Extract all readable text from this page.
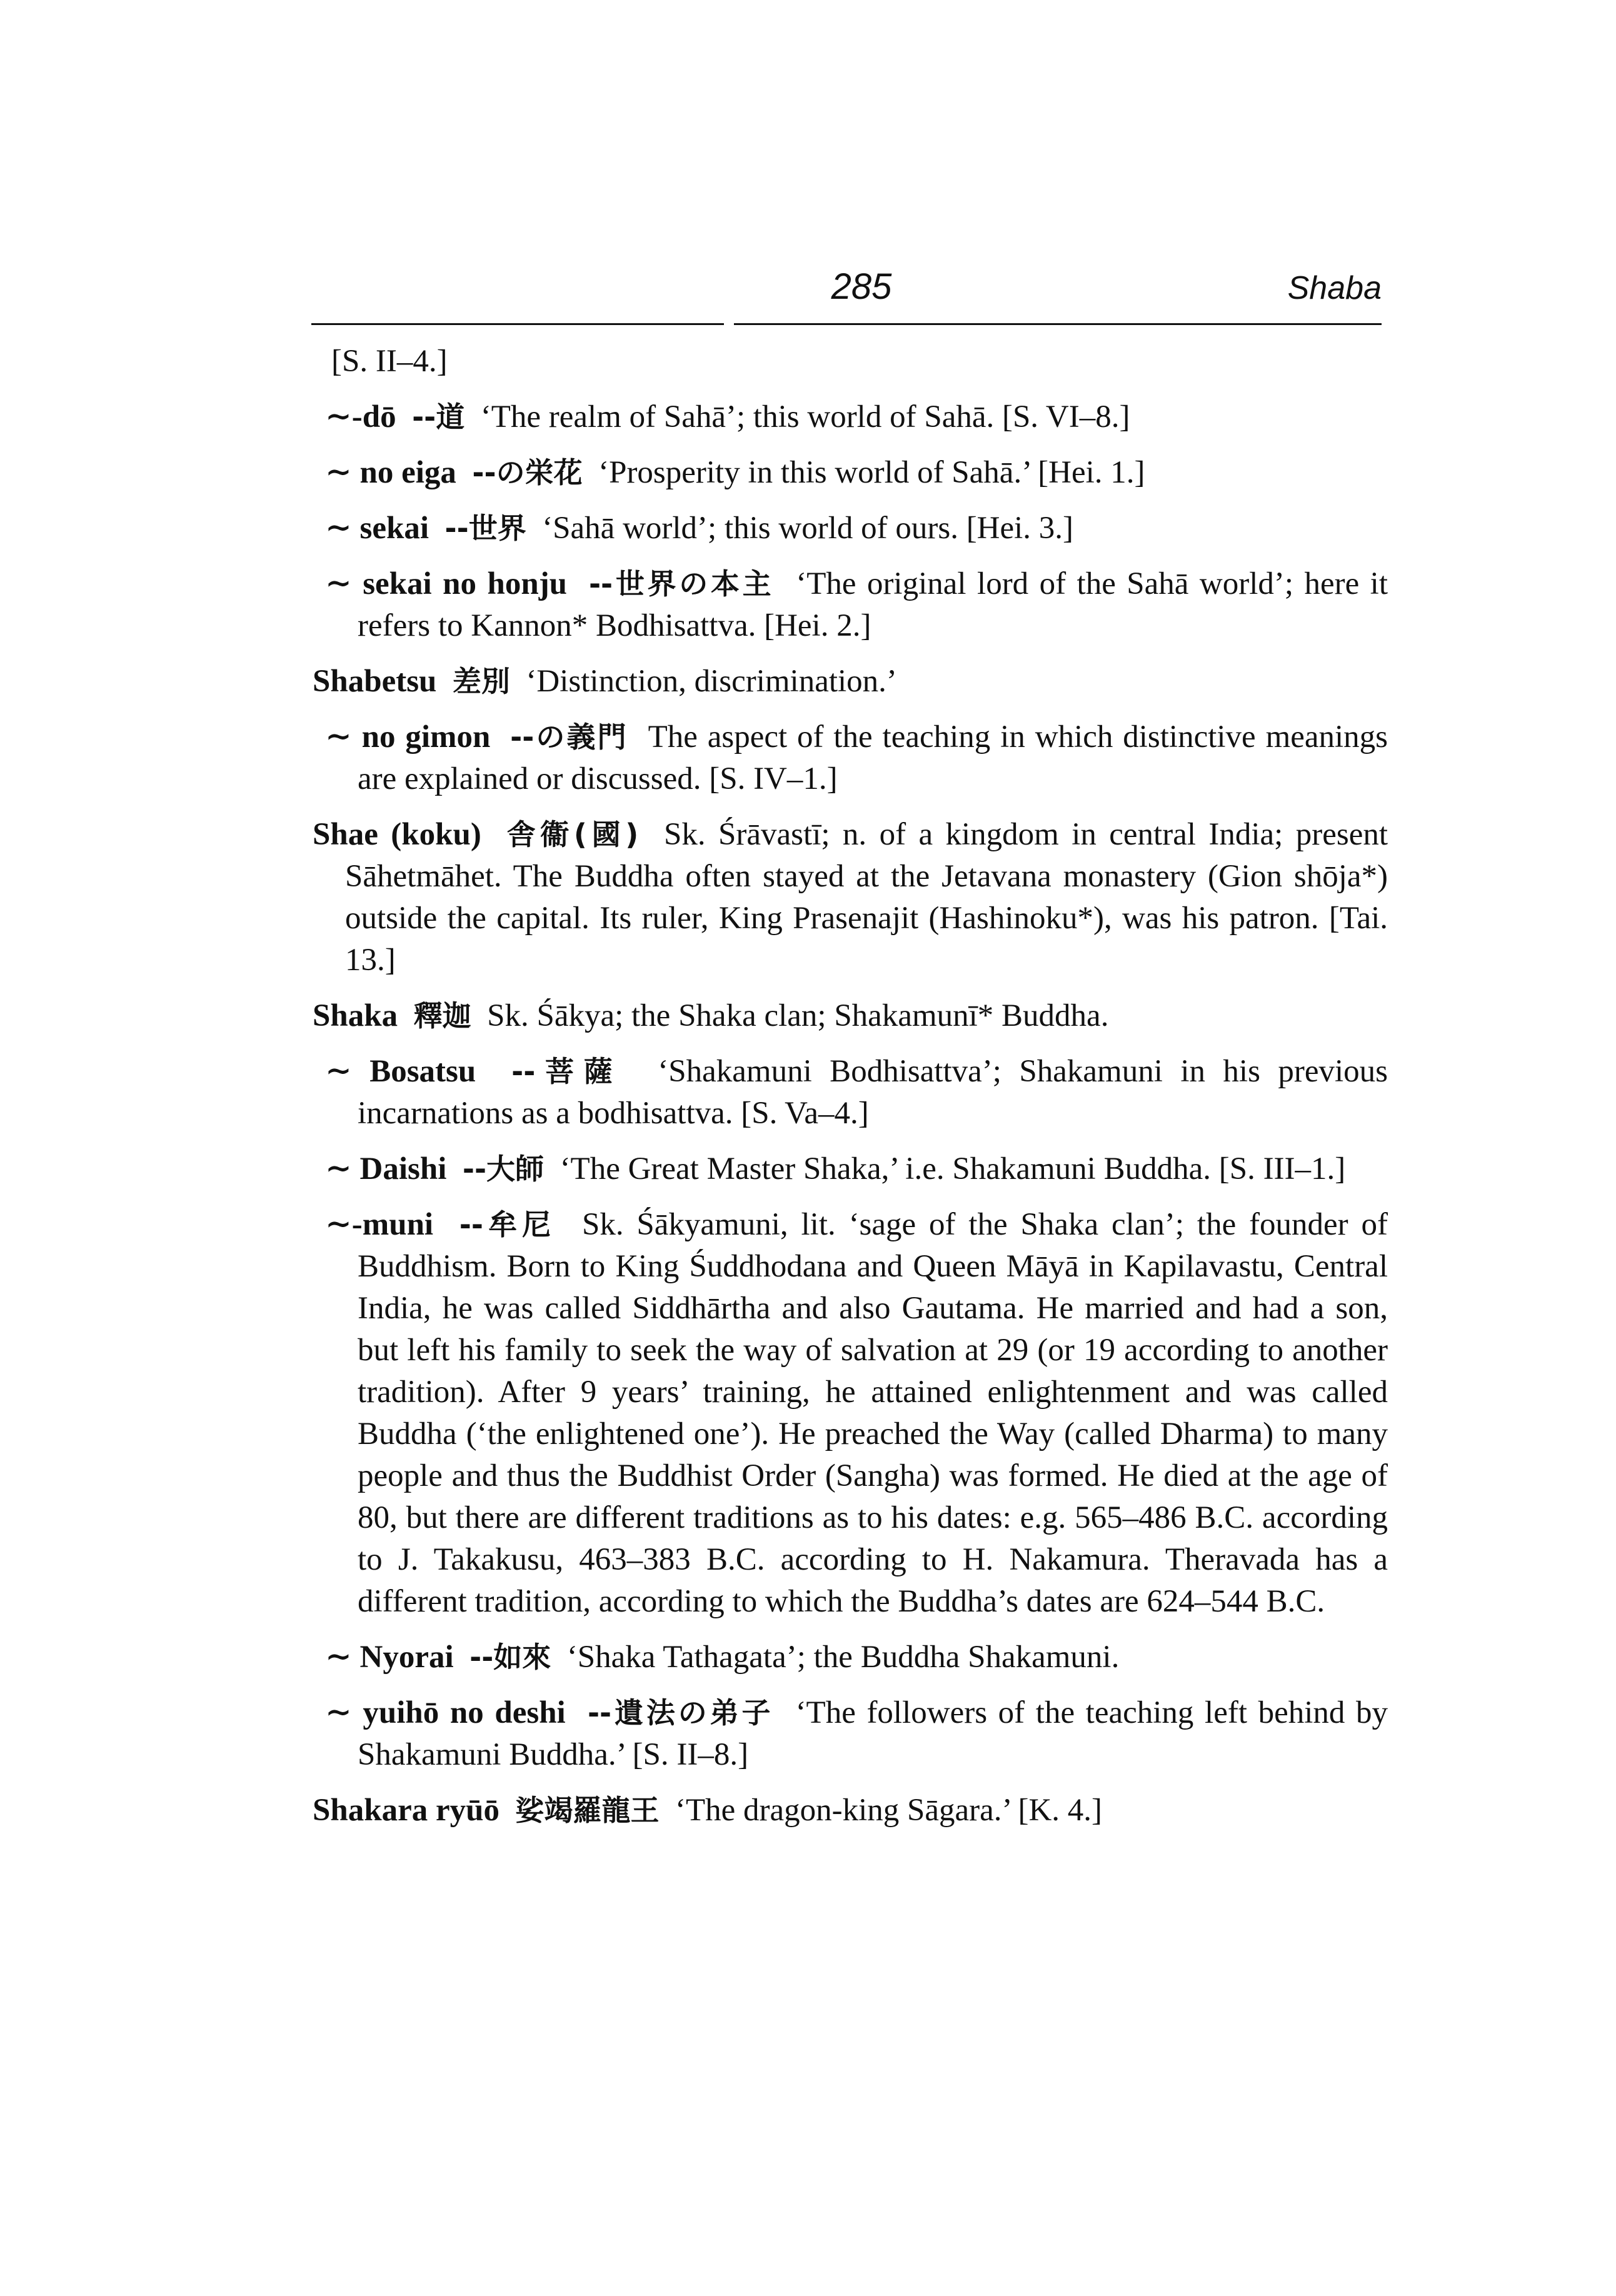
285	Shaba
[S. II–4.]
∼-dō --道 ‘The realm of Sahā’; this world of Sahā. [S. VI–8.]
∼ no eiga --の栄花 ‘Prosperity in this world of Sahā.’ [Hei. 1.]
∼ sekai --世界 ‘Sahā world’; this world of ours. [Hei. 3.]
∼ sekai no honju --世界の本主 ‘The original lord of the Sahā world’; here it refers to Kannon* Bodhisattva. [Hei. 2.]
Shabetsu 差別 ‘Distinction, discrimination.’
∼ no gimon --の義門 The aspect of the teaching in which distinctive meanings are explained or discussed. [S. IV–1.]
Shae (koku) 舎衞(國) Sk. Śrāvastī; n. of a kingdom in central India; present Sāhetmāhet. The Buddha often stayed at the Jetavana monastery (Gion shōja*) outside the capital. Its ruler, King Prasenajit (Hashinoku*), was his patron. [Tai. 13.]
Shaka 釋迦 Sk. Śākya; the Shaka clan; Shakamunī* Buddha.
∼ Bosatsu --菩薩 ‘Shakamuni Bodhisattva’; Shakamuni in his previous incarnations as a bodhisattva. [S. Va–4.]
∼ Daishi --大師 ‘The Great Master Shaka,’ i.e. Shakamuni Buddha. [S. III–1.]
∼-muni --牟尼 Sk. Śākyamuni, lit. ‘sage of the Shaka clan’; the founder of Buddhism. Born to King Śuddhodana and Queen Māyā in Kapilavastu, Central India, he was called Siddhārtha and also Gautama. He married and had a son, but left his family to seek the way of salvation at 29 (or 19 according to another tradition). After 9 years’ training, he attained enlightenment and was called Buddha (‘the enlightened one’). He preached the Way (called Dharma) to many people and thus the Buddhist Order (Sangha) was formed. He died at the age of 80, but there are different traditions as to his dates: e.g. 565–486 B.C. according to J. Takakusu, 463–383 B.C. according to H. Nakamura. Theravada has a different tradition, according to which the Buddha’s dates are 624–544 B.C.
∼ Nyorai --如來 ‘Shaka Tathagata’; the Buddha Shakamuni.
∼ yuihō no deshi --遺法の弟子 ‘The followers of the teaching left behind by Shakamuni Buddha.’ [S. II–8.]
Shakara ryūō 娑竭羅龍王 ‘The dragon-king Sāgara.’ [K. 4.]
